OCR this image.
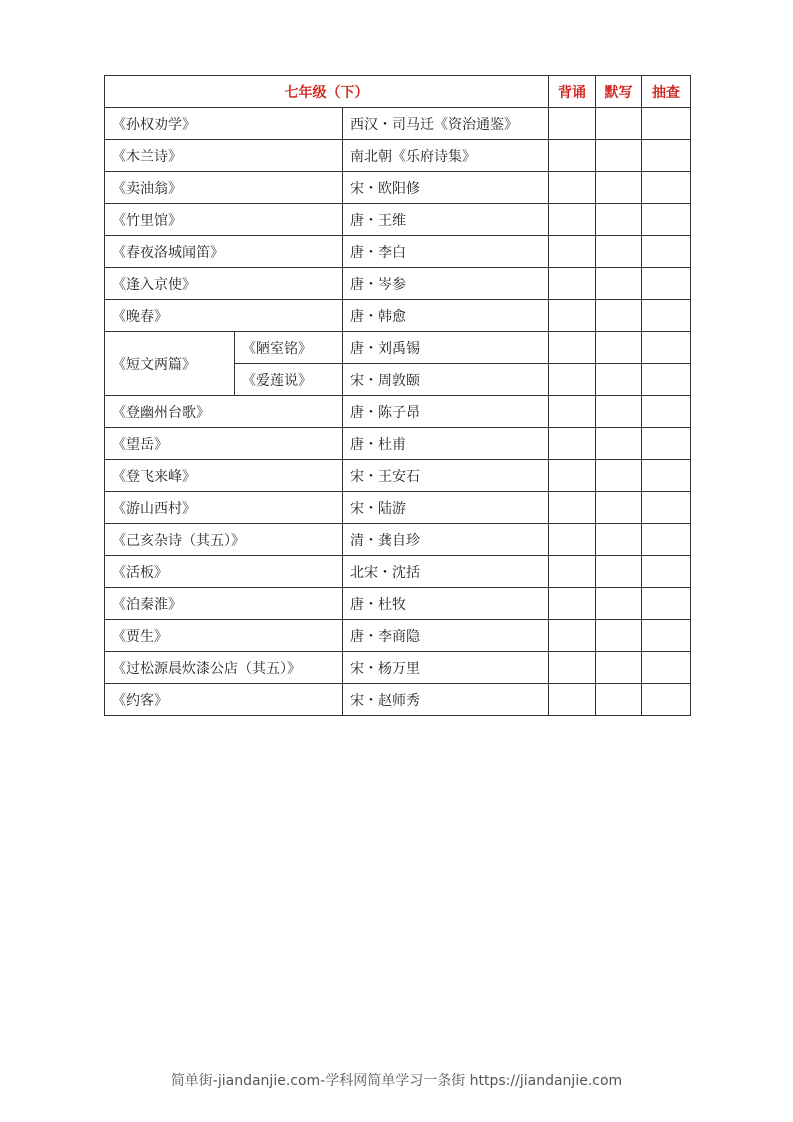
七年级（下）			背诵	默写	抽查
《孙权劝学》		西汉・司马迁《资治通鉴》			
《木兰诗》		南北朝《乐府诗集》			
《卖油翁》		宋・欧阳修			
《竹里馆》		唐・王维			
《春夜洛城闻笛》		唐・李白			
《逢入京使》		唐・岑参			
《晚春》		唐・韩愈			
《短文两篇》	《陋室铭》	唐・刘禹锡			
	《爱莲说》	宋・周敦颐			
《登幽州台歌》		唐・陈子昂			
《望岳》		唐・杜甫			
《登飞来峰》		宋・王安石			
《游山西村》		宋・陆游			
《己亥杂诗（其五）》		清・龚自珍			
《活板》		北宋・沈括			
《泊秦淮》		唐・杜牧			
《贾生》		唐・李商隐			
《过松源晨炊漆公店（其五）》		宋・杨万里			
《约客》		宋・赵师秀			
简单街-jiandanjie.com-学科网简单学习一条街 https://jiandanjie.com
